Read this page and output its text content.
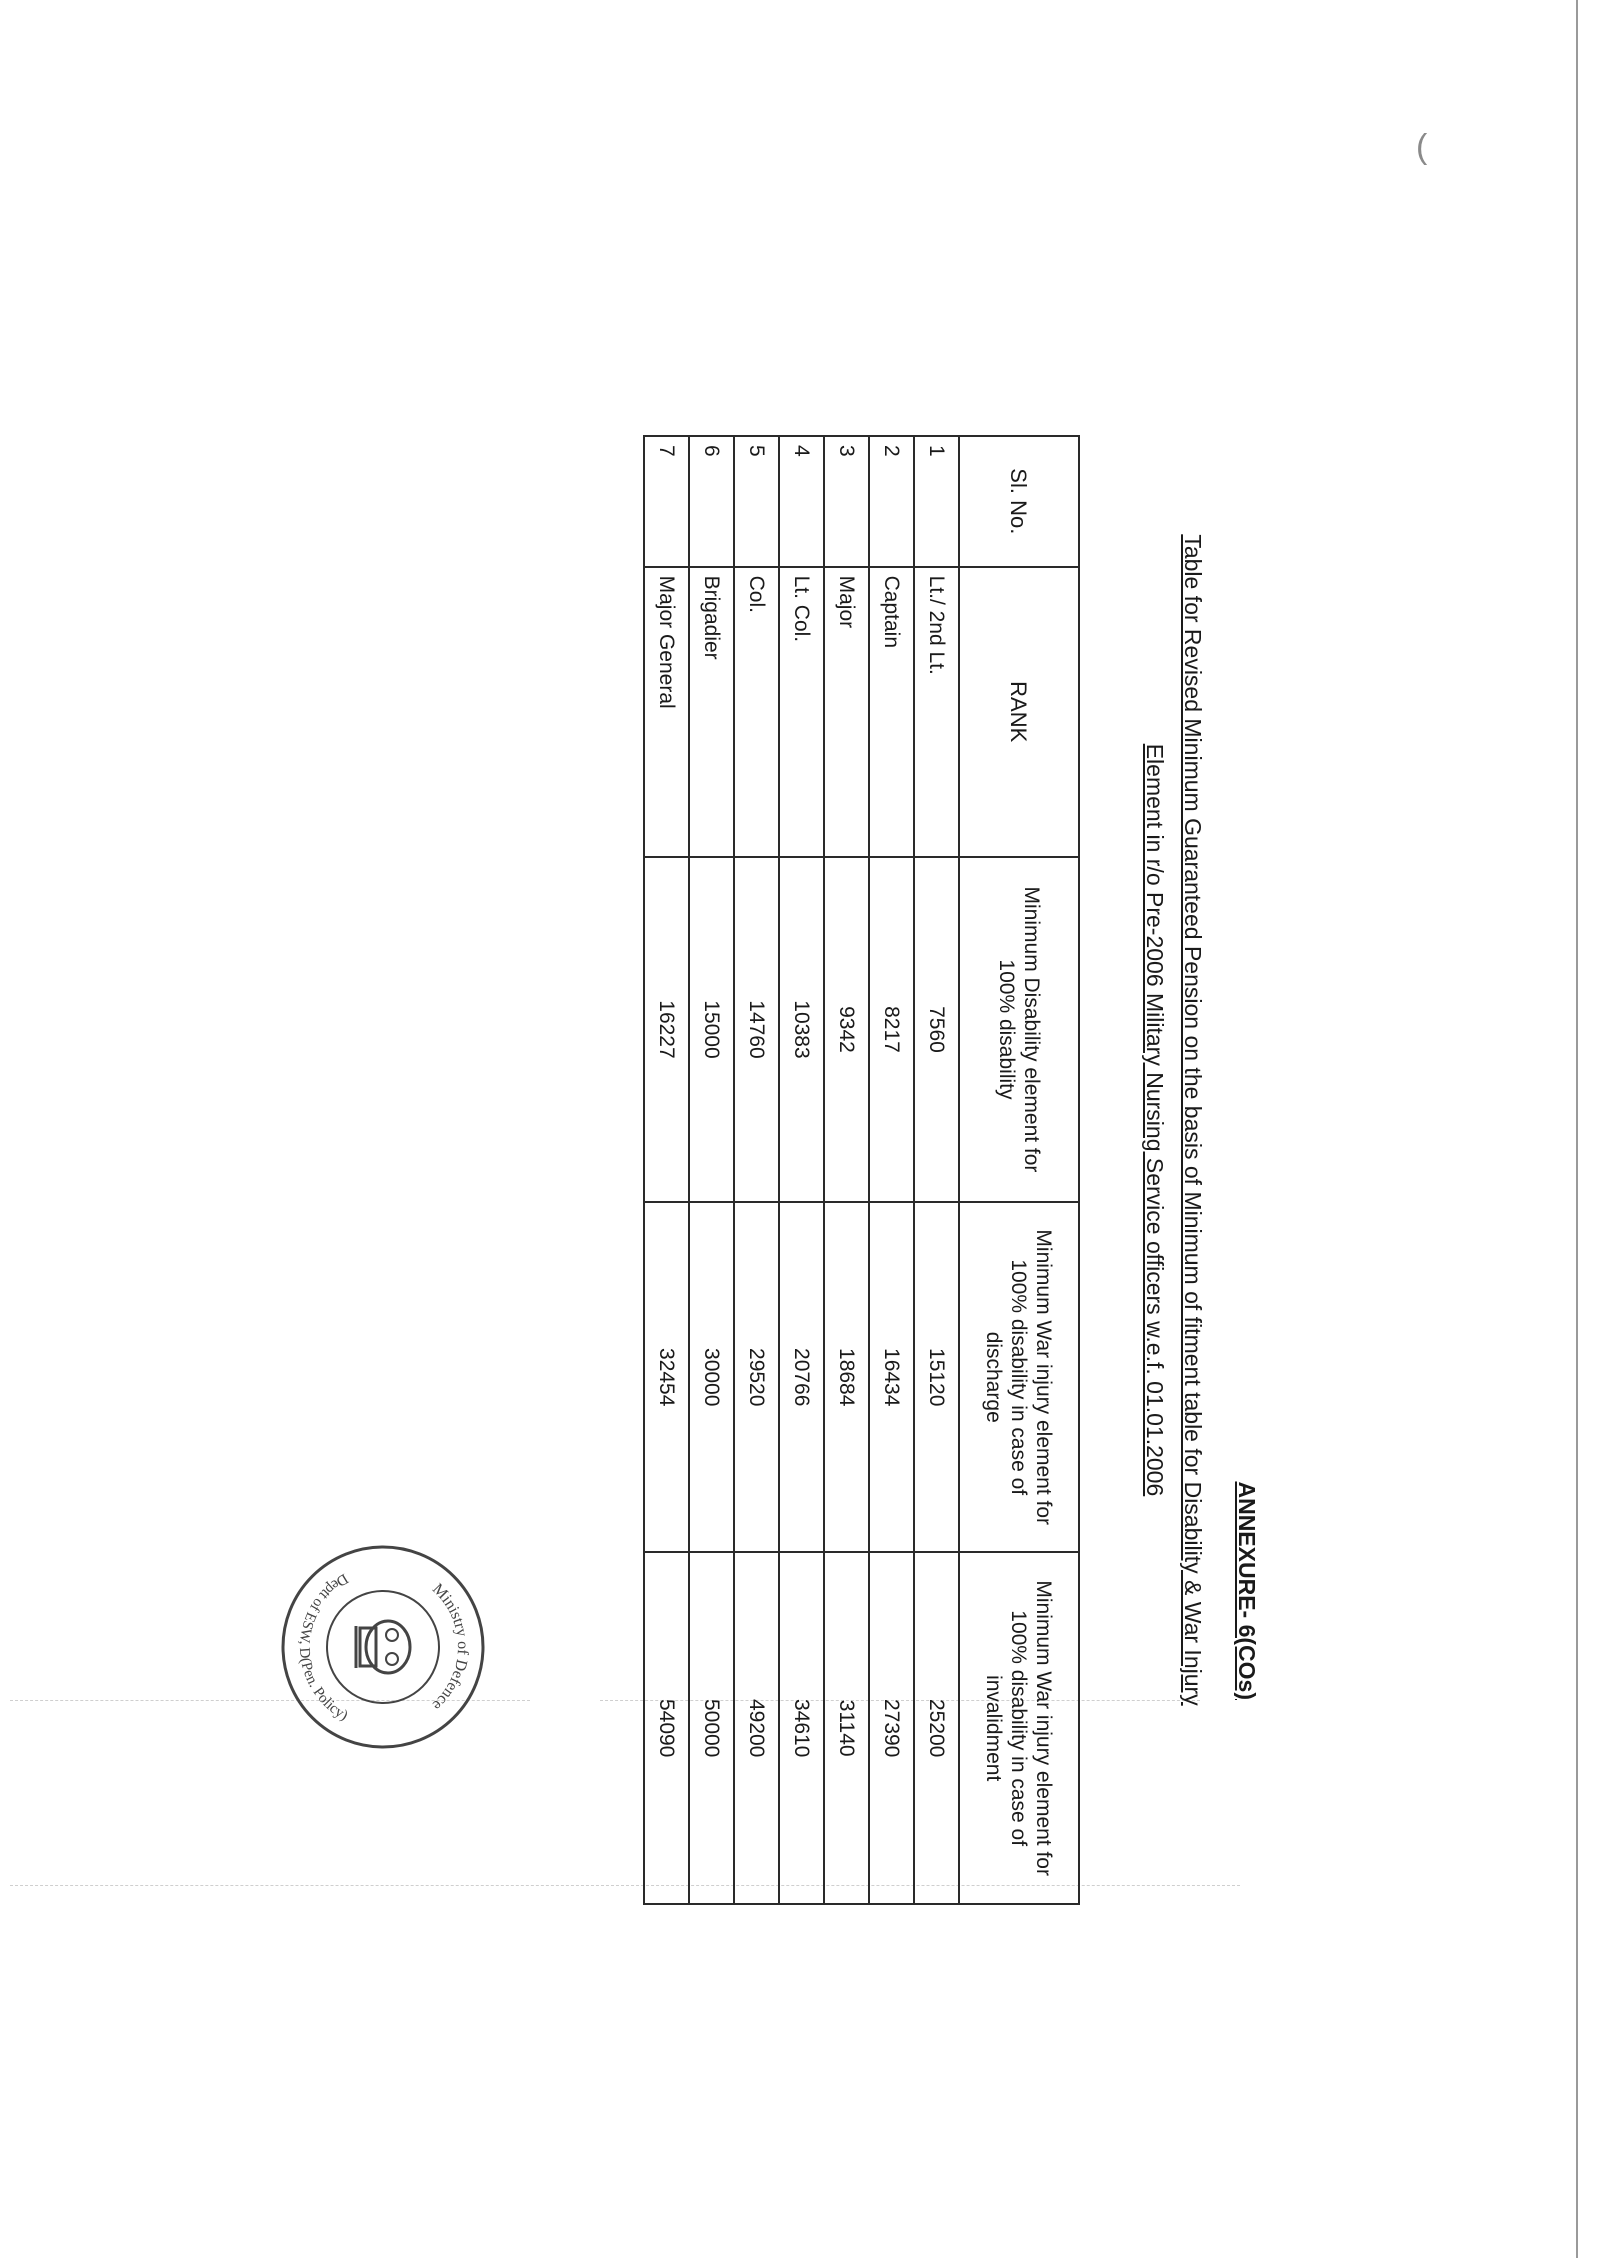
(
ANNEXURE- 6(COs)
Table for Revised Minimum Guaranteed Pension on the basis of Minimum of fitment table for Disability & War Injury
Element in r/o Pre-2006 Military Nursing Service officers w.e.f. 01.01.2006
Sl. No.	RANK	Minimum Disability element for 100% disability	Minimum War injury element for 100% disability in case of discharge	Minimum War injury element for 100% disability in case of invalidment
1	Lt./ 2nd Lt.	7560	15120	25200
2	Captain	8217	16434	27390
3	Major	9342	18684	31140
4	Lt. Col.	10383	20766	34610
5	Col.	14760	29520	49200
6	Brigadier	15000	30000	50000
7	Major General	16227	32454	54090
Ministry of Defence
Deptt of ESW, D(Pen. Policy)
